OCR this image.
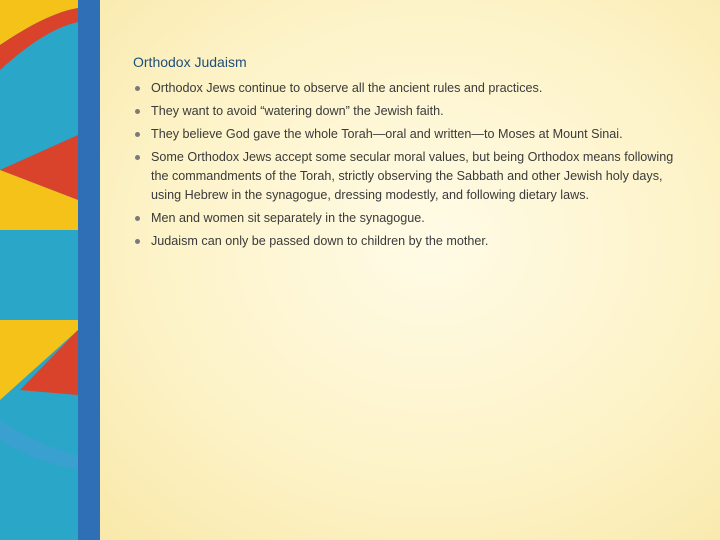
Orthodox Judaism
Orthodox Jews continue to observe all the ancient rules and practices.
They want to avoid “watering down” the Jewish faith.
They believe God gave the whole Torah—oral and written—to Moses at Mount Sinai.
Some Orthodox Jews accept some secular moral values, but being Orthodox means following the commandments of the Torah, strictly observing the Sabbath and other Jewish holy days, using Hebrew in the synagogue, dressing modestly, and following dietary laws.
Men and women sit separately in the synagogue.
Judaism can only be passed down to children by the mother.
